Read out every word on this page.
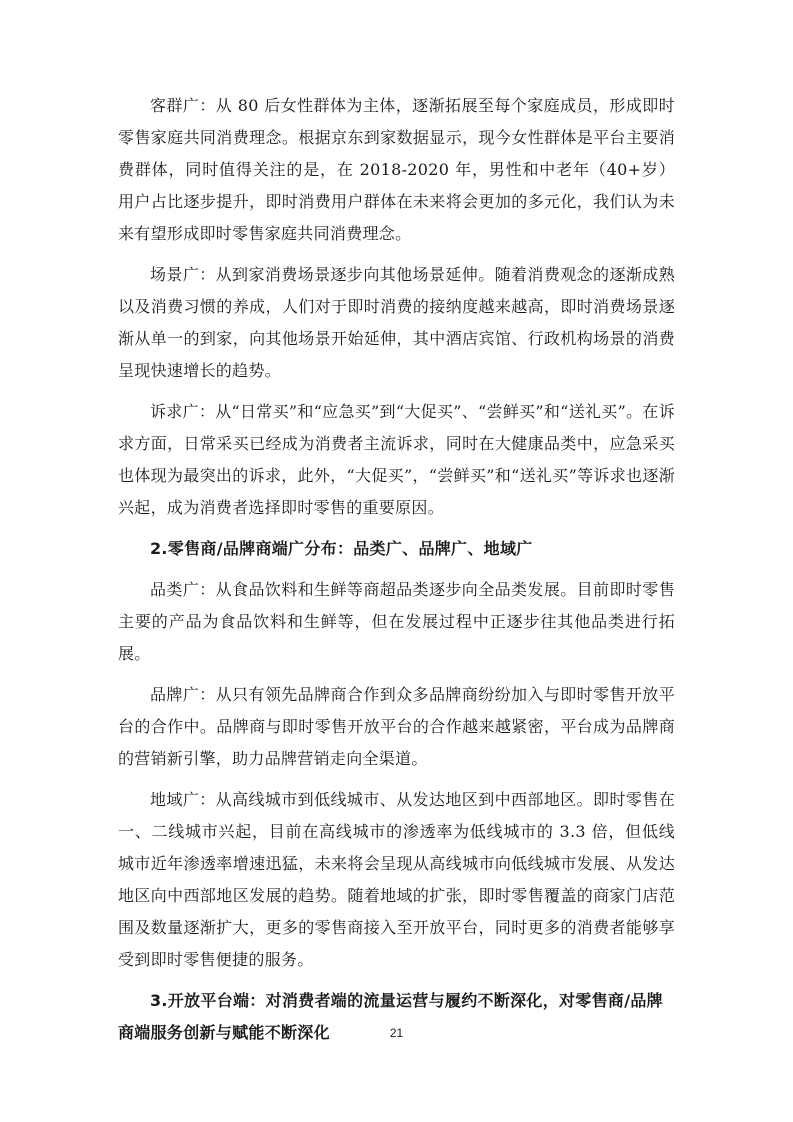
客群广：从 80 后女性群体为主体，逐渐拓展至每个家庭成员，形成即时零售家庭共同消费理念。根据京东到家数据显示，现今女性群体是平台主要消费群体，同时值得关注的是，在 2018-2020 年，男性和中老年（40+岁）用户占比逐步提升，即时消费用户群体在未来将会更加的多元化，我们认为未来有望形成即时零售家庭共同消费理念。

场景广：从到家消费场景逐步向其他场景延伸。随着消费观念的逐渐成熟以及消费习惯的养成，人们对于即时消费的接纳度越来越高，即时消费场景逐渐从单一的到家，向其他场景开始延伸，其中酒店宾馆、行政机构场景的消费呈现快速增长的趋势。

诉求广：从“日常买”和“应急买”到“大促买”、“尝鲜买”和“送礼买”。在诉求方面，日常采买已经成为消费者主流诉求，同时在大健康品类中，应急采买也体现为最突出的诉求，此外，“大促买”，“尝鲜买”和“送礼买”等诉求也逐渐兴起，成为消费者选择即时零售的重要原因。

2.零售商/品牌商端广分布：品类广、品牌广、地域广

品类广：从食品饮料和生鲜等商超品类逐步向全品类发展。目前即时零售主要的产品为食品饮料和生鲜等，但在发展过程中正逐步往其他品类进行拓展。

品牌广：从只有领先品牌商合作到众多品牌商纷纷加入与即时零售开放平台的合作中。品牌商与即时零售开放平台的合作越来越紧密，平台成为品牌商的营销新引擎，助力品牌营销走向全渠道。

地域广：从高线城市到低线城市、从发达地区到中西部地区。即时零售在一、二线城市兴起，目前在高线城市的渗透率为低线城市的 3.3 倍，但低线城市近年渗透率增速迅猛，未来将会呈现从高线城市向低线城市发展、从发达地区向中西部地区发展的趋势。随着地域的扩张，即时零售覆盖的商家门店范围及数量逐渐扩大，更多的零售商接入至开放平台，同时更多的消费者能够享受到即时零售便捷的服务。

3.开放平台端：对消费者端的流量运营与履约不断深化，对零售商/品牌商端服务创新与赋能不断深化	21
